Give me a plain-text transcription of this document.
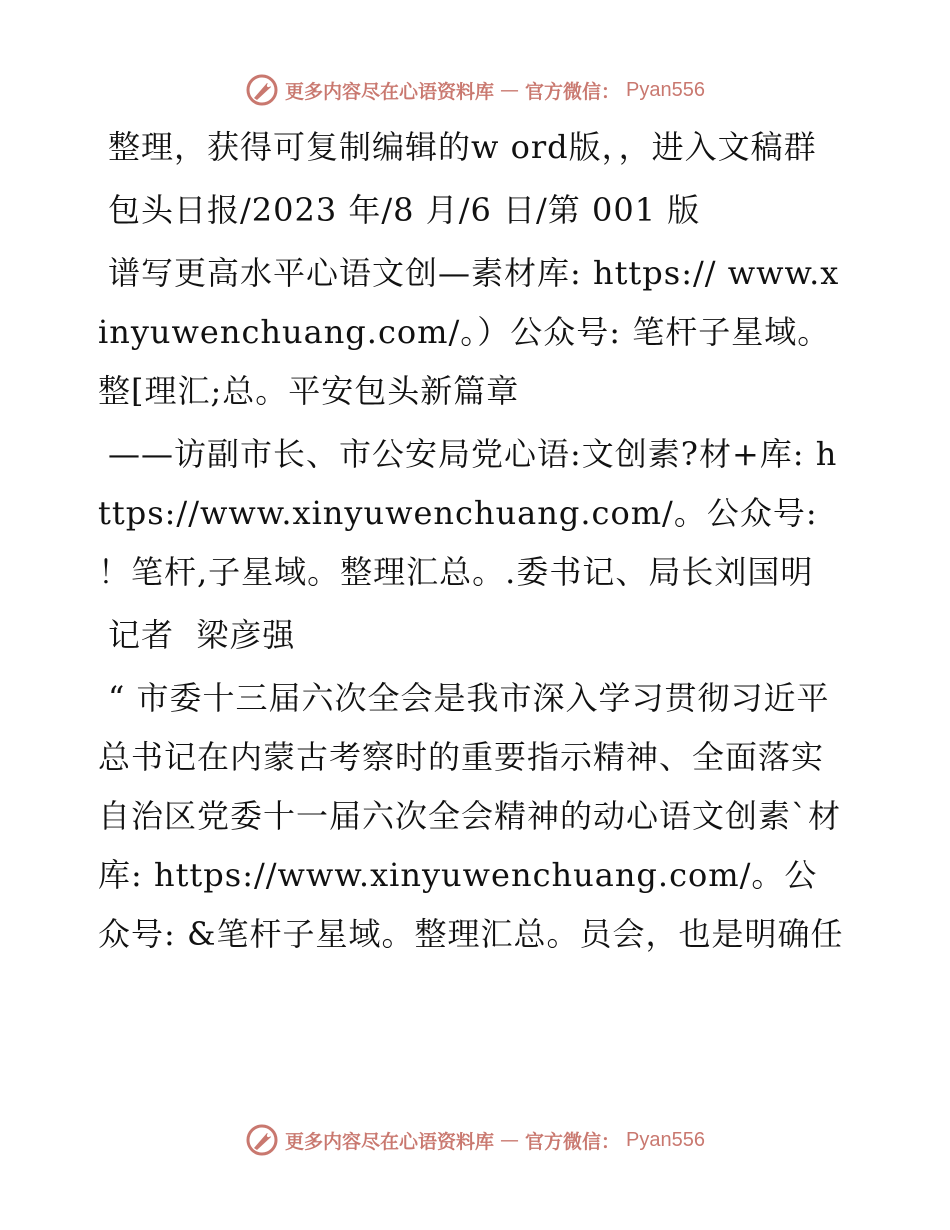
更多内容尽在心语资料库 — 官方微信： Pyan556

整理，获得可复制编辑的w ord版，，进入文稿群

包头日报/2023 年/8 月/6 日/第 001 版

谱写更高水平心语文创—素材库: https:// www.xinyuwenchuang.com/。）公众号: 笔杆子星域。整[理汇;总。平安包头新篇章

——访副市长、市公安局党心语:文创素?材+库: https://www.xinyuwenchuang.com/。公众号: ！笔杆,子星域。整理汇总。.委书记、局长刘国明

记者  梁彦强

“ 市委十三届六次全会是我市深入学习贯彻习近平总书记在内蒙古考察时的重要指示精神、全面落实自治区党委十一届六次全会精神的动心语文创素`材库: https://www.xinyuwenchuang.com/。公众号: &笔杆子星域。整理汇总。员会，也是明确任

更多内容尽在心语资料库 — 官方微信： Pyan556
